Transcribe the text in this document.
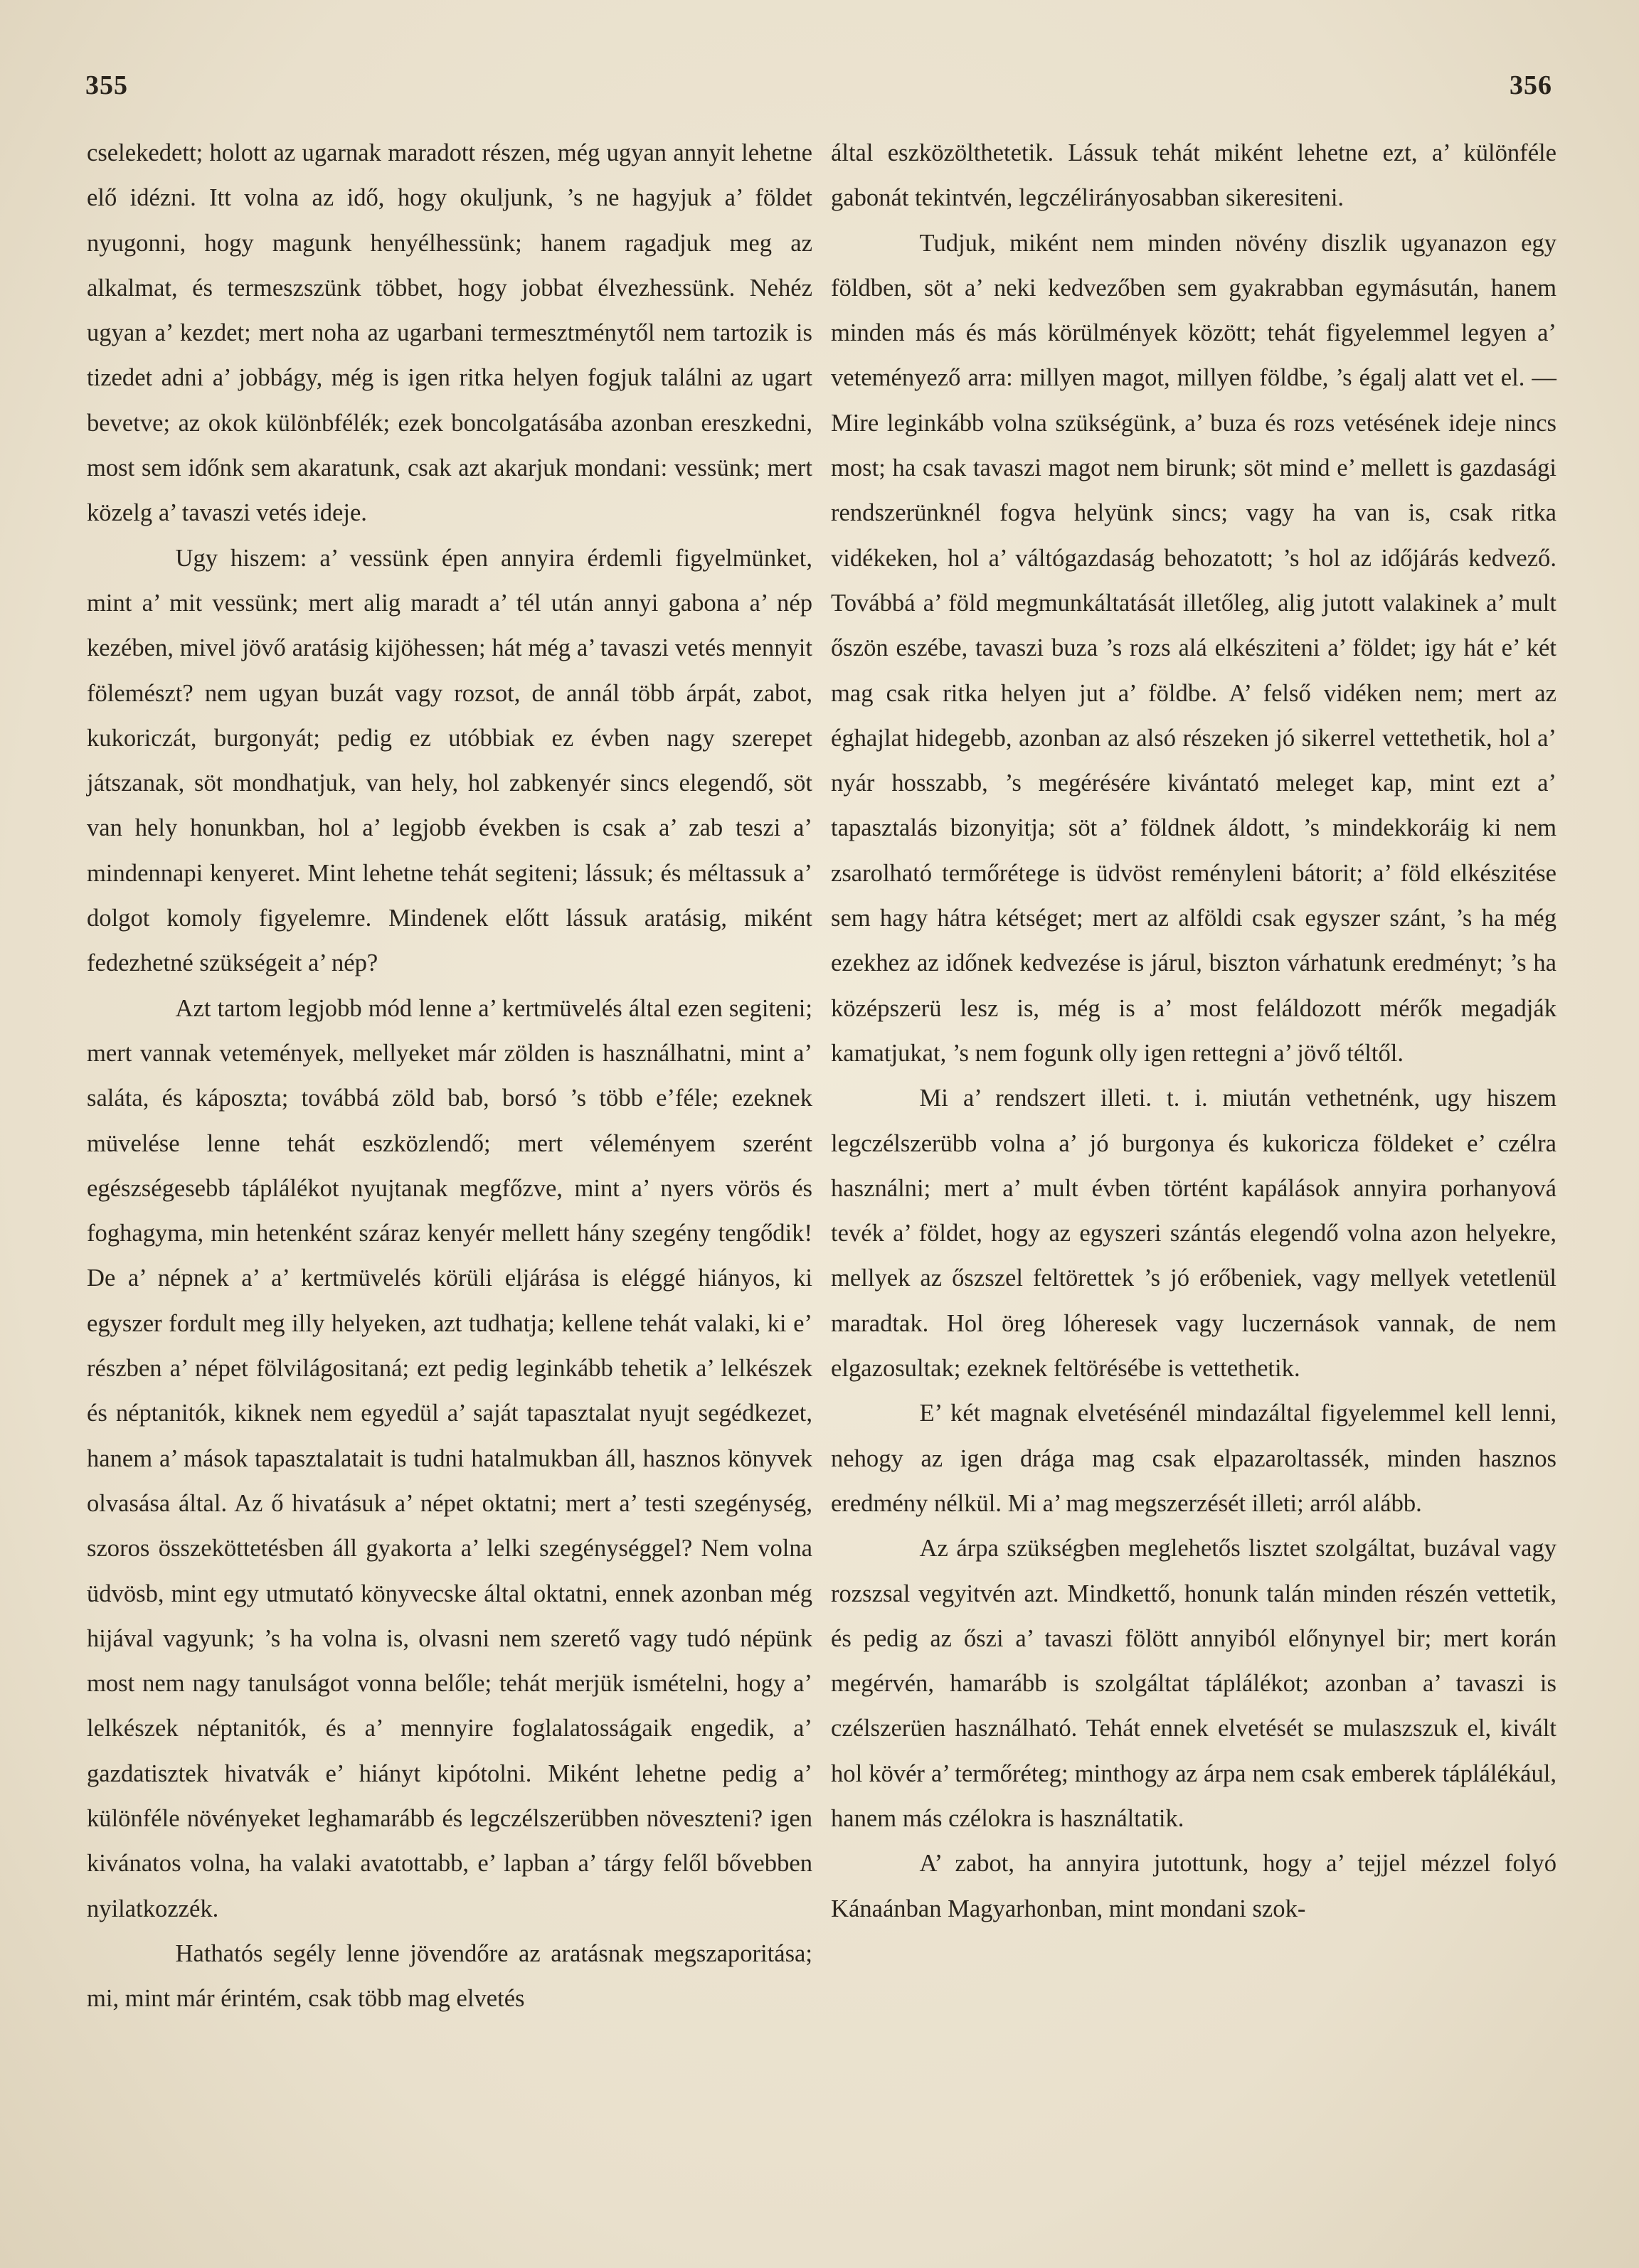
355	356

cselekedett; holott az ugarnak maradott részen, még ugyan annyit lehetne elő idézni. Itt volna az idő, hogy okuljunk, ’s ne hagyjuk a’ földet nyugonni, hogy magunk henyélhessünk; hanem ragadjuk meg az alkalmat, és termeszszünk többet, hogy jobbat élvezhessünk. Nehéz ugyan a’ kezdet; mert noha az ugarbani termesztménytől nem tartozik is tizedet adni a’ jobbágy, még is igen ritka helyen fogjuk találni az ugart bevetve; az okok különbfélék; ezek boncolgatásába azonban ereszkedni, most sem időnk sem akaratunk, csak azt akarjuk mondani: vessünk; mert közelg a’ tavaszi vetés ideje.

Ugy hiszem: a’ vessünk épen annyira érdemli figyelmünket, mint a’ mit vessünk; mert alig maradt a’ tél után annyi gabona a’ nép kezében, mivel jövő aratásig kijöhessen; hát még a’ tavaszi vetés mennyit fölemészt? nem ugyan buzát vagy rozsot, de annál több árpát, zabot, kukoriczát, burgonyát; pedig ez utóbbiak ez évben nagy szerepet játszanak, söt mondhatjuk, van hely, hol zabkenyér sincs elegendő, söt van hely honunkban, hol a’ legjobb években is csak a’ zab teszi a’ mindennapi kenyeret. Mint lehetne tehát segiteni; lássuk; és méltassuk a’ dolgot komoly figyelemre. Mindenek előtt lássuk aratásig, miként fedezhetné szükségeit a’ nép?

Azt tartom legjobb mód lenne a’ kertmüvelés által ezen segiteni; mert vannak vetemények, mellyeket már zölden is használhatni, mint a’ saláta, és káposzta; továbbá zöld bab, borsó ’s több e’féle; ezeknek müvelése lenne tehát eszközlendő; mert véleményem szerént egészségesebb táplálékot nyujtanak megfőzve, mint a’ nyers vörös és foghagyma, min hetenként száraz kenyér mellett hány szegény tengődik! De a’ népnek a’ a’ kertmüvelés körüli eljárása is eléggé hiányos, ki egyszer fordult meg illy helyeken, azt tudhatja; kellene tehát valaki, ki e’ részben a’ népet fölvilágositaná; ezt pedig leginkább tehetik a’ lelkészek és néptanitók, kiknek nem egyedül a’ saját tapasztalat nyujt segédkezet, hanem a’ mások tapasztalatait is tudni hatalmukban áll, hasznos könyvek olvasása által. Az ő hivatásuk a’ népet oktatni; mert a’ testi szegénység, szoros összeköttetésben áll gyakorta a’ lelki szegénységgel? Nem volna üdvösb, mint egy utmutató könyvecske által oktatni, ennek azonban még hijával vagyunk; ’s ha volna is, olvasni nem szerető vagy tudó népünk most nem nagy tanulságot vonna belőle; tehát merjük ismételni, hogy a’ lelkészek néptanitók, és a’ mennyire foglalatosságaik engedik, a’ gazdatisztek hivatvák e’ hiányt kipótolni. Miként lehetne pedig a’ különféle növényeket leghamarább és legczélszerübben növeszteni? igen kivánatos volna, ha valaki avatottabb, e’ lapban a’ tárgy felől bővebben nyilatkozzék.

Hathatós segély lenne jövendőre az aratásnak megszaporitása; mi, mint már érintém, csak több mag elvetés

által eszközölthetetik. Lássuk tehát miként lehetne ezt, a’ különféle gabonát tekintvén, legczélirányosabban sikeresiteni.

Tudjuk, miként nem minden növény diszlik ugyanazon egy földben, söt a’ neki kedvezőben sem gyakrabban egymásután, hanem minden más és más körülmények között; tehát figyelemmel legyen a’ veteményező arra: millyen magot, millyen földbe, ’s égalj alatt vet el. — Mire leginkább volna szükségünk, a’ buza és rozs vetésének ideje nincs most; ha csak tavaszi magot nem birunk; söt mind e’ mellett is gazdasági rendszerünknél fogva helyünk sincs; vagy ha van is, csak ritka vidékeken, hol a’ váltógazdaság behozatott; ’s hol az időjárás kedvező. Továbbá a’ föld megmunkáltatását illetőleg, alig jutott valakinek a’ mult őszön eszébe, tavaszi buza ’s rozs alá elkésziteni a’ földet; igy hát e’ két mag csak ritka helyen jut a’ földbe. A’ felső vidéken nem; mert az éghajlat hidegebb, azonban az alsó részeken jó sikerrel vettethetik, hol a’ nyár hosszabb, ’s megérésére kivántató meleget kap, mint ezt a’ tapasztalás bizonyitja; söt a’ földnek áldott, ’s mindekkoráig ki nem zsarolható termőrétege is üdvöst reményleni bátorit; a’ föld elkészitése sem hagy hátra kétséget; mert az alföldi csak egyszer szánt, ’s ha még ezekhez az időnek kedvezése is járul, biszton várhatunk eredményt; ’s ha középszerü lesz is, még is a’ most feláldozott mérők megadják kamatjukat, ’s nem fogunk olly igen rettegni a’ jövő téltől.

Mi a’ rendszert illeti. t. i. miután vethetnénk, ugy hiszem legczélszerübb volna a’ jó burgonya és kukoricza földeket e’ czélra használni; mert a’ mult évben történt kapálások annyira porhanyová tevék a’ földet, hogy az egyszeri szántás elegendő volna azon helyekre, mellyek az őszszel feltörettek ’s jó erőbeniek, vagy mellyek vetetlenül maradtak. Hol öreg lóheresek vagy luczernások vannak, de nem elgazosultak; ezeknek feltörésébe is vettethetik.

E’ két magnak elvetésénél mindazáltal figyelemmel kell lenni, nehogy az igen drága mag csak elpazaroltassék, minden hasznos eredmény nélkül. Mi a’ mag megszerzését illeti; arról alább.

Az árpa szükségben meglehetős lisztet szolgáltat, buzával vagy rozszsal vegyitvén azt. Mindkettő, honunk talán minden részén vettetik, és pedig az őszi a’ tavaszi fölött annyiból előnynyel bir; mert korán megérvén, hamarább is szolgáltat táplálékot; azonban a’ tavaszi is czélszerüen használható. Tehát ennek elvetését se mulaszszuk el, kivált hol kövér a’ termőréteg; minthogy az árpa nem csak emberek táplálékául, hanem más czélokra is használtatik.

A’ zabot, ha annyira jutottunk, hogy a’ tejjel mézzel folyó Kánaánban Magyarhonban, mint mondani szok-
